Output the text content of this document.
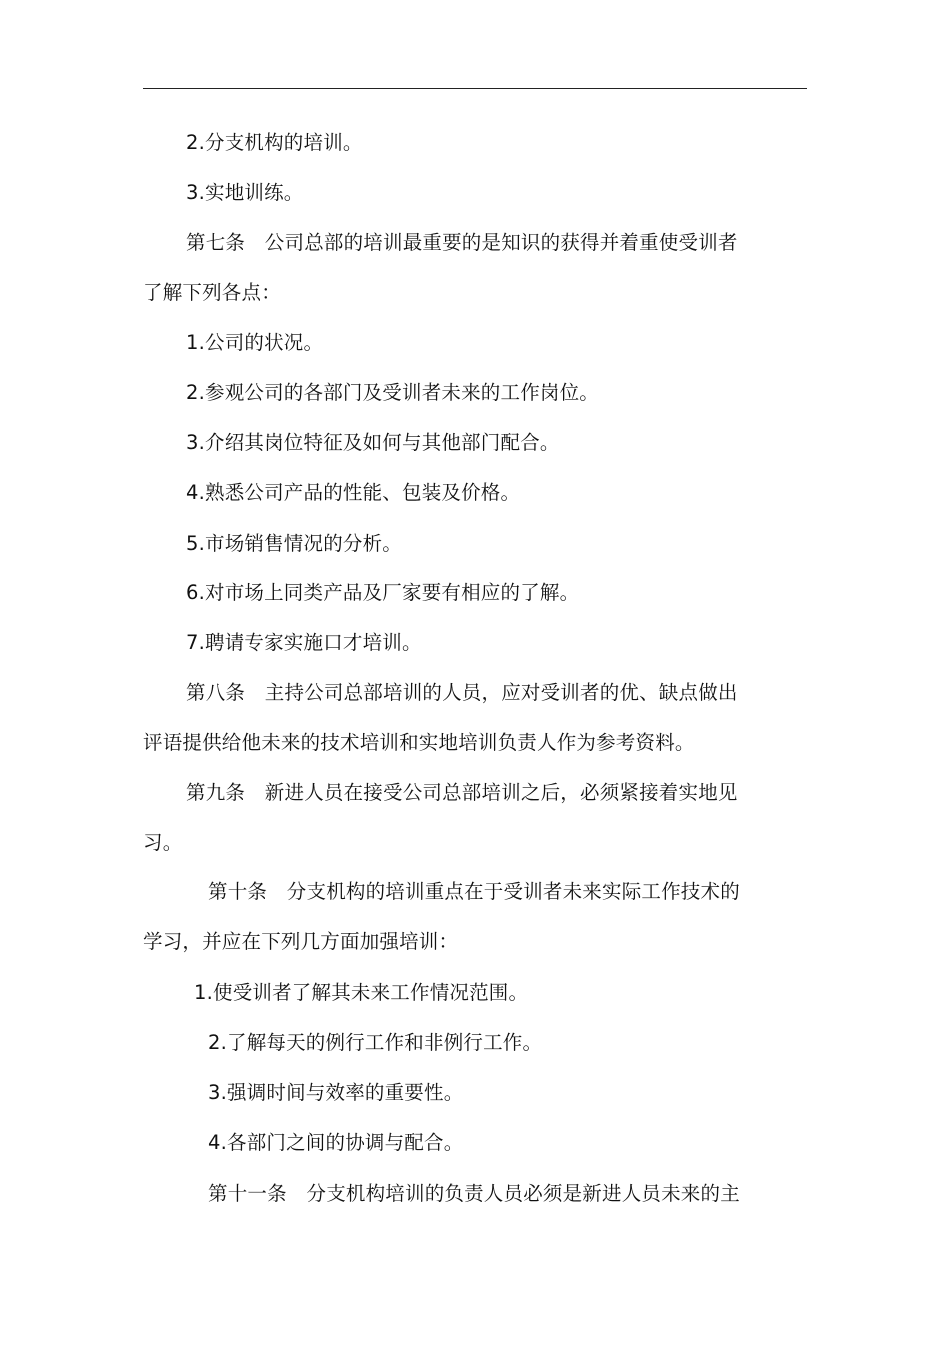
2.分支机构的培训。
3.实地训练。
第七条　公司总部的培训最重要的是知识的获得并着重使受训者
了解下列各点：
1.公司的状况。
2.参观公司的各部门及受训者未来的工作岗位。
3.介绍其岗位特征及如何与其他部门配合。
4.熟悉公司产品的性能、包装及价格。
5.市场销售情况的分析。
6.对市场上同类产品及厂家要有相应的了解。
7.聘请专家实施口才培训。
第八条　主持公司总部培训的人员，应对受训者的优、缺点做出
评语提供给他未来的技术培训和实地培训负责人作为参考资料。
第九条　新进人员在接受公司总部培训之后，必须紧接着实地见
习。
第十条　分支机构的培训重点在于受训者未来实际工作技术的
学习，并应在下列几方面加强培训：
1.使受训者了解其未来工作情况范围。
2.了解每天的例行工作和非例行工作。
3.强调时间与效率的重要性。
4.各部门之间的协调与配合。
第十一条　分支机构培训的负责人员必须是新进人员未来的主
